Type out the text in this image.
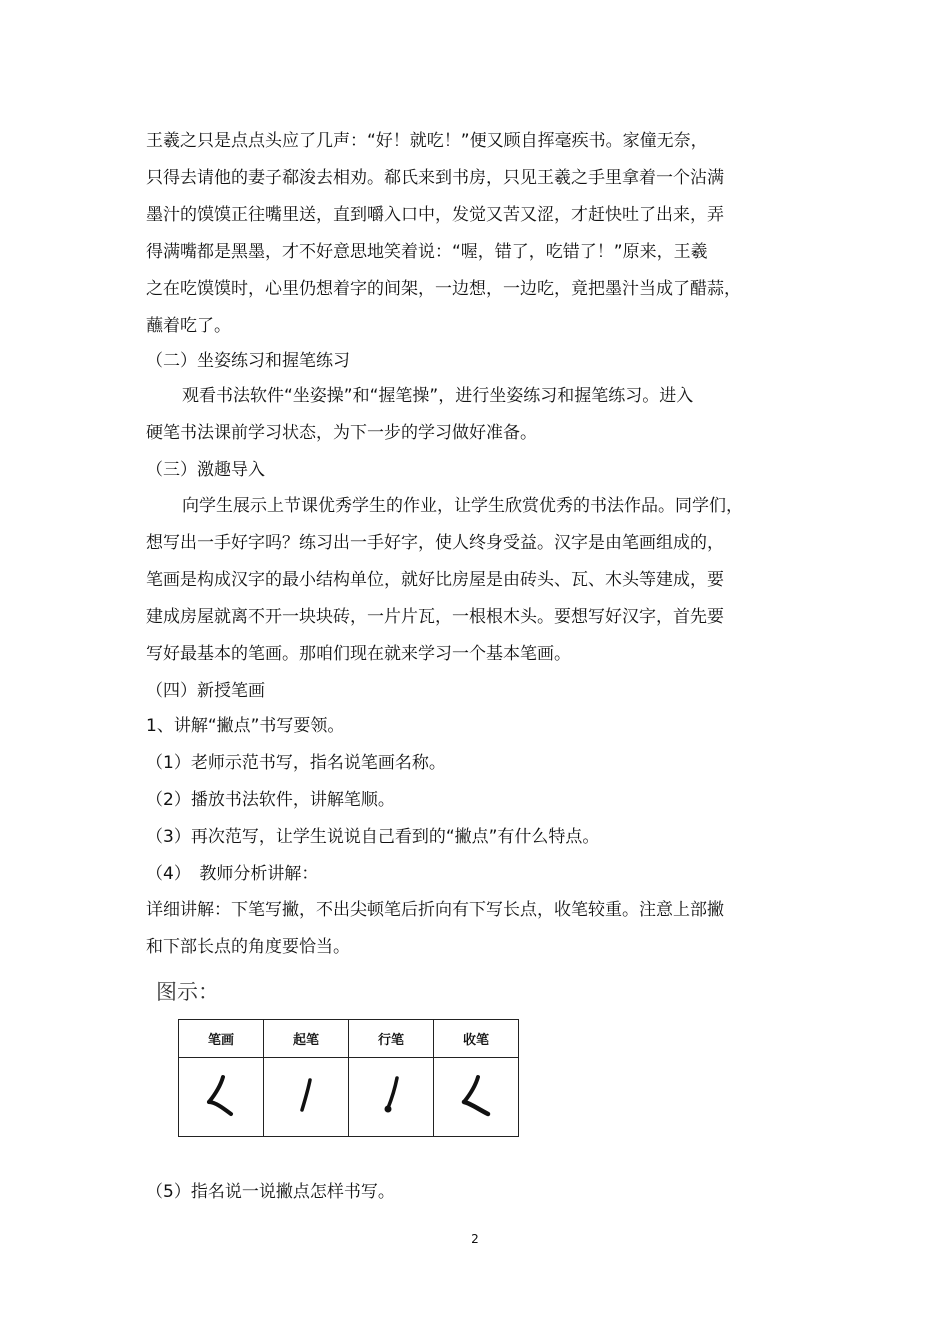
王羲之只是点点头应了几声：“好！就吃！”便又顾自挥毫疾书。家僮无奈，
只得去请他的妻子郗浚去相劝。郗氏来到书房，只见王羲之手里拿着一个沾满
墨汁的馍馍正往嘴里送，直到嚼入口中，发觉又苦又涩，才赶快吐了出来，弄
得满嘴都是黑墨，才不好意思地笑着说：“喔，错了，吃错了！”原来，王羲
之在吃馍馍时，心里仍想着字的间架，一边想，一边吃，竟把墨汁当成了醋蒜，
蘸着吃了。
（二）坐姿练习和握笔练习
观看书法软件“坐姿操”和“握笔操”，进行坐姿练习和握笔练习。进入
硬笔书法课前学习状态，为下一步的学习做好准备。
（三）激趣导入
向学生展示上节课优秀学生的作业，让学生欣赏优秀的书法作品。同学们，
想写出一手好字吗？练习出一手好字，使人终身受益。汉字是由笔画组成的，
笔画是构成汉字的最小结构单位，就好比房屋是由砖头、瓦、木头等建成，要
建成房屋就离不开一块块砖，一片片瓦，一根根木头。要想写好汉字，首先要
写好最基本的笔画。那咱们现在就来学习一个基本笔画。
（四）新授笔画
1、讲解“撇点”书写要领。
（1）老师示范书写，指名说笔画名称。
（2）播放书法软件，讲解笔顺。
（3）再次范写，让学生说说自己看到的“撇点”有什么特点。
（4）　教师分析讲解：
详细讲解：下笔写撇，不出尖顿笔后折向有下写长点，收笔较重。注意上部撇
和下部长点的角度要恰当。
图示：
笔画	起笔	行笔	收笔

（5）指名说一说撇点怎样书写。
2
